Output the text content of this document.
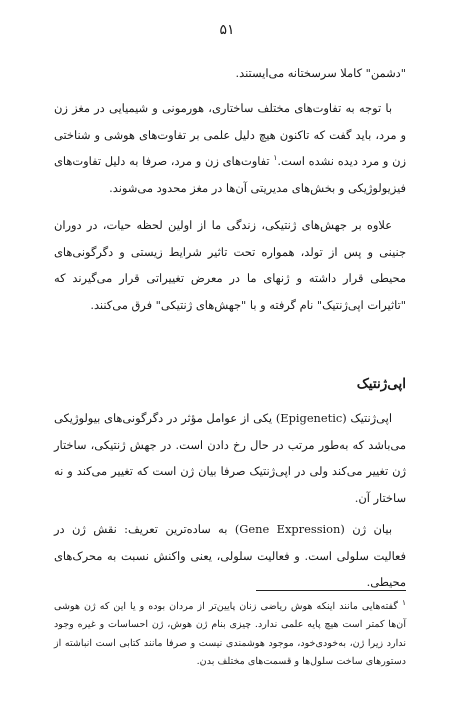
۵۱

"دشمن" کاملا سرسختانه می‌ایستند.

با توجه به تفاوت‌های مختلف ساختاری، هورمونی و شیمیایی در مغز زن و مرد، باید گفت که تاکنون هیچ دلیل علمی بر تفاوت‌های هوشی و شناختی زن و مرد دیده نشده است.$^۱$ تفاوت‌های زن و مرد، صرفا به دلیل تفاوت‌های فیزیولوژیکی و بخش‌های مدیریتی آن‌ها در مغز محدود می‌شوند.

علاوه بر جهش‌های ژنتیکی، زندگی ما از اولین لحظه حیات، در دوران جنینی و پس از تولد، همواره تحت تاثیر شرایط زیستی و دگرگونی‌های محیطی قرار داشته و ژنهای ما در معرض تغییراتی قرار می‌گیرند که "تاثیرات اپی‌ژنتیک" نام گرفته و با "جهش‌های ژنتیکی" فرق می‌کنند.

اپی‌ژنتیک

اپی‌ژنتیک (Epigenetic) یکی از عوامل مؤثر در دگرگونی‌های بیولوژیکی می‌باشد که به‌طور مرتب در حال رخ دادن است. در جهش ژنتیکی، ساختار ژن تغییر می‌کند ولی در اپی‌ژنتیک صرفا بیان ژن است که تغییر می‌کند و نه ساختار آن.

بیان ژن (Gene Expression) به ساده‌ترین تعریف: نقش ژن در فعالیت سلولی است. و فعالیت سلولی، یعنی واکنش نسبت به محرک‌های محیطی.

$^۱$ گفته‌هایی مانند اینکه هوش ریاضی زنان پایین‌تر از مردان بوده و یا این که ژن هوشی آن‌ها کمتر است هیچ پایه علمی ندارد. چیزی بنام ژن هوش، ژن احساسات و غیره وجود ندارد زیرا ژن، به‌خودی‌خود، موجود هوشمندی نیست و صرفا مانند کتابی است انباشته از دستورهای ساخت سلول‌ها و قسمت‌های مختلف بدن.
